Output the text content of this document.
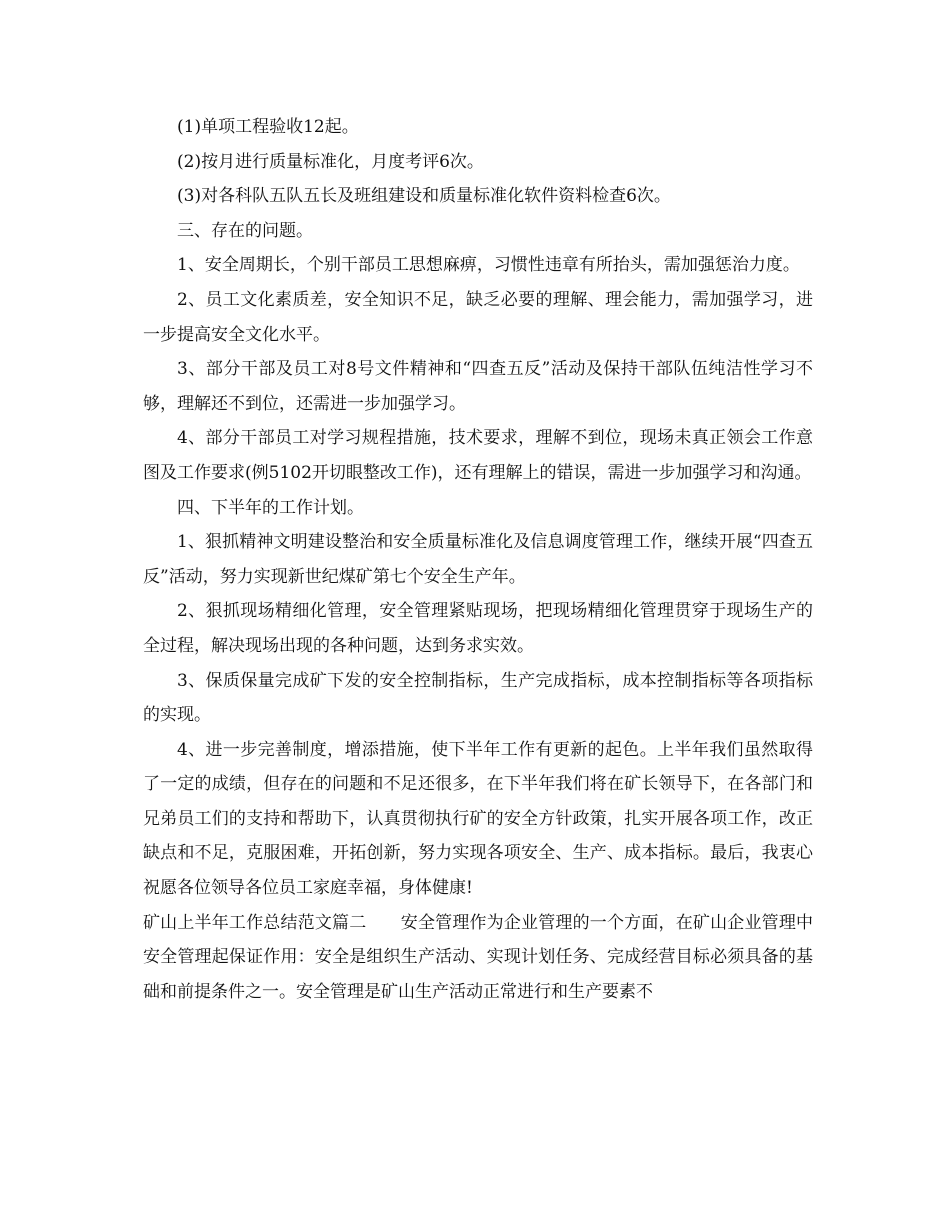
(1)单项工程验收12起。

(2)按月进行质量标准化，月度考评6次。

(3)对各科队五队五长及班组建设和质量标准化软件资料检查6次。

三、存在的问题。

1、安全周期长，个别干部员工思想麻痹，习惯性违章有所抬头，需加强惩治力度。

2、员工文化素质差，安全知识不足，缺乏必要的理解、理会能力，需加强学习，进一步提高安全文化水平。

3、部分干部及员工对8号文件精神和“四查五反”活动及保持干部队伍纯洁性学习不够，理解还不到位，还需进一步加强学习。

4、部分干部员工对学习规程措施，技术要求，理解不到位，现场未真正领会工作意图及工作要求(例5102开切眼整改工作)，还有理解上的错误，需进一步加强学习和沟通。

四、下半年的工作计划。

1、狠抓精神文明建设整治和安全质量标准化及信息调度管理工作，继续开展“四查五反”活动，努力实现新世纪煤矿第七个安全生产年。

2、狠抓现场精细化管理，安全管理紧贴现场，把现场精细化管理贯穿于现场生产的全过程，解决现场出现的各种问题，达到务求实效。

3、保质保量完成矿下发的安全控制指标，生产完成指标，成本控制指标等各项指标的实现。

4、进一步完善制度，增添措施，使下半年工作有更新的起色。上半年我们虽然取得了一定的成绩，但存在的问题和不足还很多，在下半年我们将在矿长领导下，在各部门和兄弟员工们的支持和帮助下，认真贯彻执行矿的安全方针政策，扎实开展各项工作，改正缺点和不足，克服困难，开拓创新，努力实现各项安全、生产、成本指标。最后，我衷心祝愿各位领导各位员工家庭幸福，身体健康!

矿山上半年工作总结范文篇二　　安全管理作为企业管理的一个方面，在矿山企业管理中安全管理起保证作用：安全是组织生产活动、实现计划任务、完成经营目标必须具备的基础和前提条件之一。安全管理是矿山生产活动正常进行和生产要素不
